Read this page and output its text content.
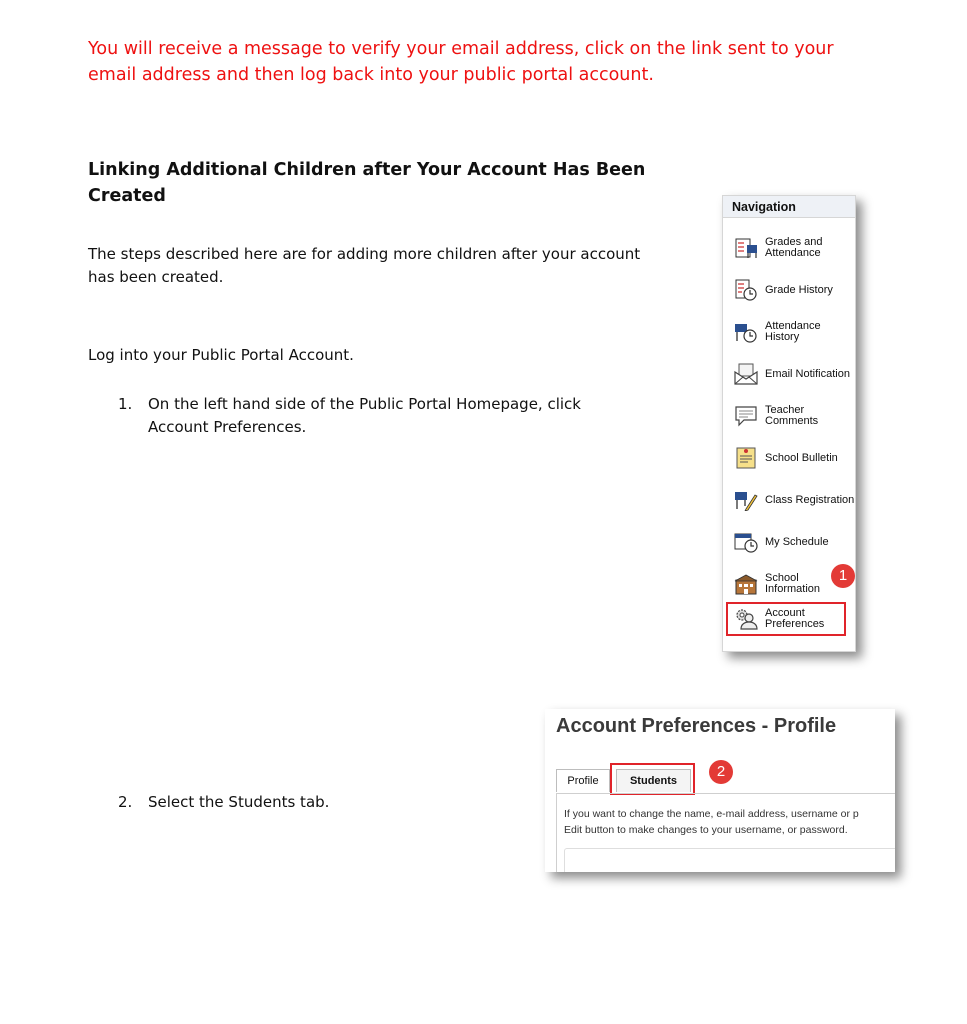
You will receive a message to verify your email address, click on the link sent to your email address and then log back into your public portal account.
Linking Additional Children after Your Account Has Been Created
The steps described here are for adding more children after your account has been created.
Log into your Public Portal Account.
1.	On the left hand side of the Public Portal Homepage, click Account Preferences.
2.	Select the Students tab.
Navigation
Grades and Attendance
Grade History
Attendance History
Email Notification
Teacher Comments
School Bulletin
Class Registration
My Schedule
School Information
Account Preferences
1
Account Preferences - Profile
Profile	Students
If you want to change the name, e-mail address, username or p
Edit button to make changes to your username, or password.
2
